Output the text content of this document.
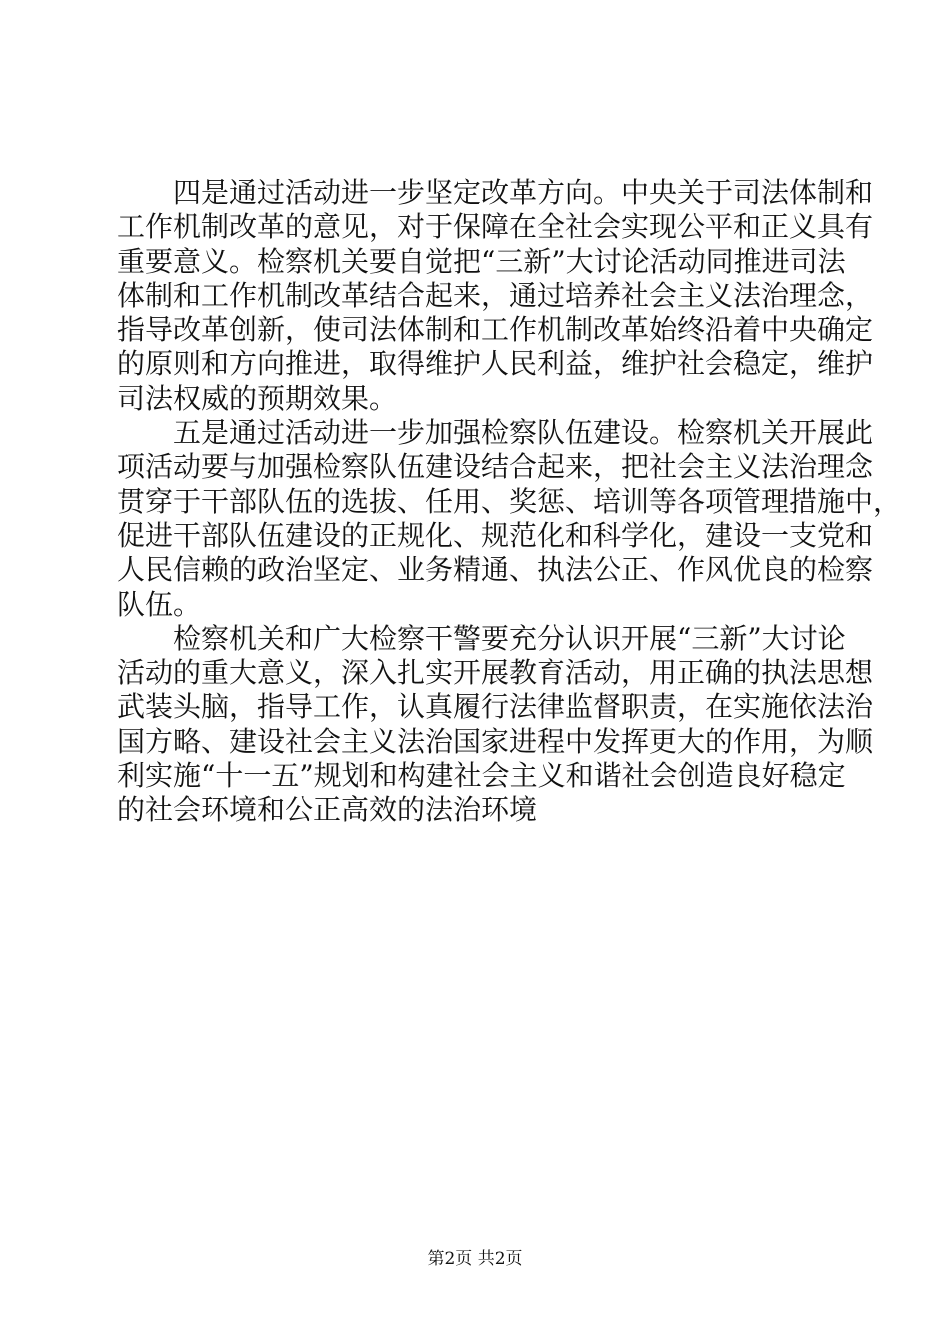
　　四是通过活动进一步坚定改革方向。中央关于司法体制和
工作机制改革的意见，对于保障在全社会实现公平和正义具有
重要意义。检察机关要自觉把“三新”大讨论活动同推进司法
体制和工作机制改革结合起来，通过培养社会主义法治理念，
指导改革创新，使司法体制和工作机制改革始终沿着中央确定
的原则和方向推进，取得维护人民利益，维护社会稳定，维护
司法权威的预期效果。
　　五是通过活动进一步加强检察队伍建设。检察机关开展此
项活动要与加强检察队伍建设结合起来，把社会主义法治理念
贯穿于干部队伍的选拔、任用、奖惩、培训等各项管理措施中，
促进干部队伍建设的正规化、规范化和科学化，建设一支党和
人民信赖的政治坚定、业务精通、执法公正、作风优良的检察
队伍。
　　检察机关和广大检察干警要充分认识开展“三新”大讨论
活动的重大意义，深入扎实开展教育活动，用正确的执法思想
武装头脑，指导工作，认真履行法律监督职责，在实施依法治
国方略、建设社会主义法治国家进程中发挥更大的作用，为顺
利实施“十一五”规划和构建社会主义和谐社会创造良好稳定
的社会环境和公正高效的法治环境
第2页 共2页
